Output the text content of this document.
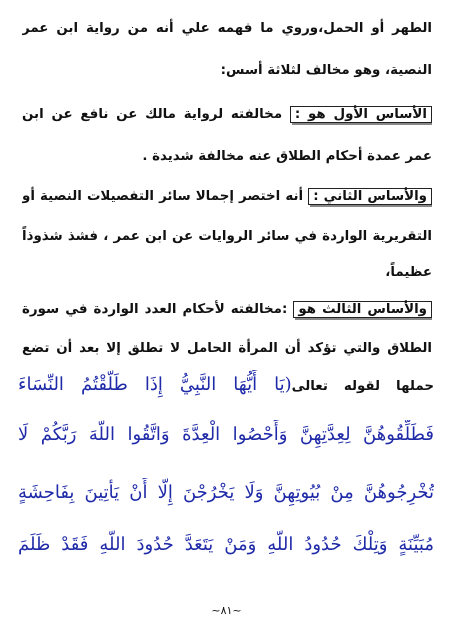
الطهر أو الحمل،وروي ما فهمه علي أنه من رواية ابن عمر
النصية، وهو مخالف لثلاثة أسس:
الأساس الأول هو : مخالفته لرواية مالك عن نافع عن ابن
عمر عمدة أحكام الطلاق عنه مخالفة شديدة .
والأساس الثاني : أنه اختصر إجمالا سائر التفصيلات النصية أو
التقريرية الواردة في سائر الروايات عن ابن عمر ، فشذ شذوذاً
عظيماً،
والأساس الثالث هو :مخالفته لأحكام العدد الواردة في سورة
الطلاق والتي تؤكد أن المرأة الحامل لا تطلق إلا بعد أن تضع
حملها لقوله تعالى(يَا أَيُّهَا النَّبِيُّ إِذَا طَلَّقْتُمُ النِّسَاءَ
فَطَلِّقُوهُنَّ لِعِدَّتِهِنَّ وَأَحْصُوا الْعِدَّةَ وَاتَّقُوا اللَّهَ رَبَّكُمْ لَا
تُخْرِجُوهُنَّ مِنْ بُيُوتِهِنَّ وَلَا يَخْرُجْنَ إِلَّا أَنْ يَأْتِينَ بِفَاحِشَةٍ
مُبَيِّنَةٍ وَتِلْكَ حُدُودُ اللَّهِ وَمَنْ يَتَعَدَّ حُدُودَ اللَّهِ فَقَدْ ظَلَمَ
~٨١~
